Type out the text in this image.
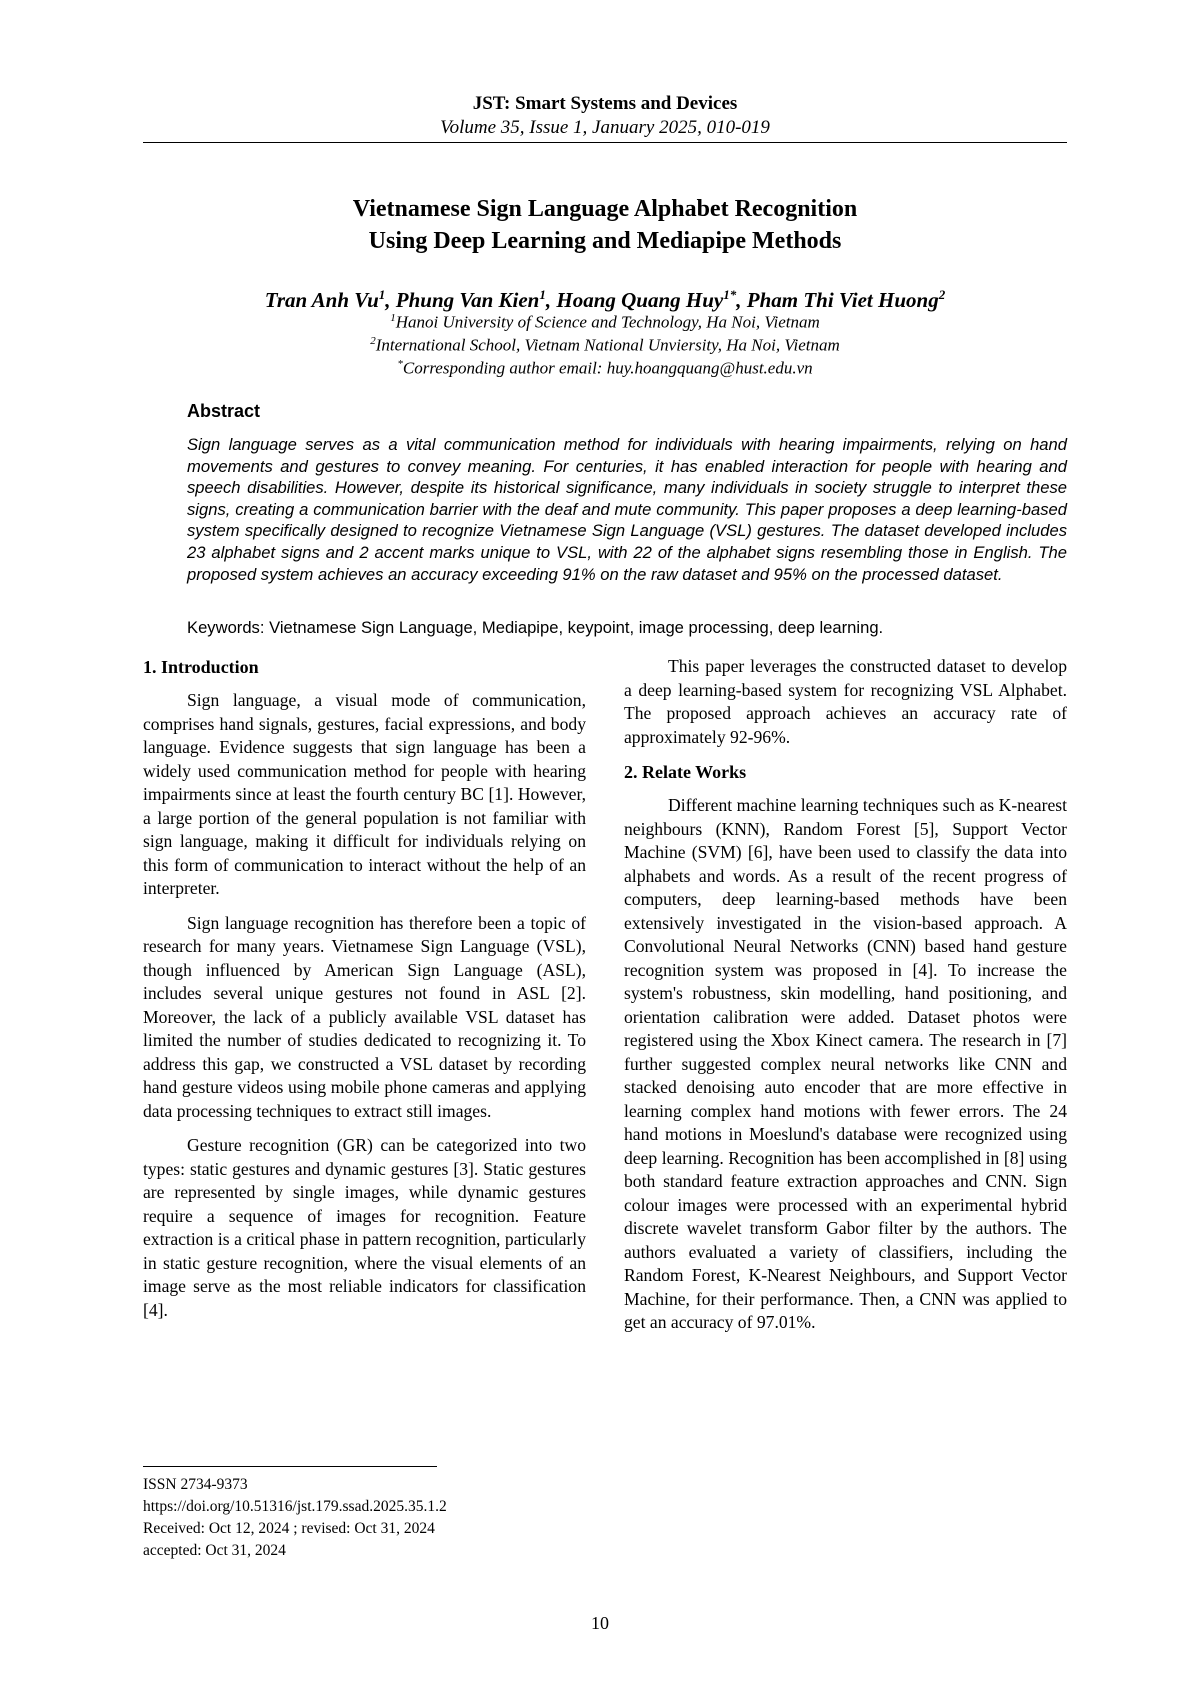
JST: Smart Systems and Devices
Volume 35, Issue 1, January 2025, 010-019
Vietnamese Sign Language Alphabet Recognition
Using Deep Learning and Mediapipe Methods
Tran Anh Vu$^1$, Phung Van Kien$^1$, Hoang Quang Huy$^{1*}$, Pham Thi Viet Huong$^2$
$^1$Hanoi University of Science and Technology, Ha Noi, Vietnam
$^2$International School, Vietnam National Unviersity, Ha Noi, Vietnam
*Corresponding author email: huy.hoangquang@hust.edu.vn
Abstract
Sign language serves as a vital communication method for individuals with hearing impairments, relying on hand movements and gestures to convey meaning. For centuries, it has enabled interaction for people with hearing and speech disabilities. However, despite its historical significance, many individuals in society struggle to interpret these signs, creating a communication barrier with the deaf and mute community. This paper proposes a deep learning-based system specifically designed to recognize Vietnamese Sign Language (VSL) gestures. The dataset developed includes 23 alphabet signs and 2 accent marks unique to VSL, with 22 of the alphabet signs resembling those in English. The proposed system achieves an accuracy exceeding 91% on the raw dataset and 95% on the processed dataset.
Keywords: Vietnamese Sign Language, Mediapipe, keypoint, image processing, deep learning.
1. Introduction

Sign language, a visual mode of communication, comprises hand signals, gestures, facial expressions, and body language. Evidence suggests that sign language has been a widely used communication method for people with hearing impairments since at least the fourth century BC [1]. However, a large portion of the general population is not familiar with sign language, making it difficult for individuals relying on this form of communication to interact without the help of an interpreter.

Sign language recognition has therefore been a topic of research for many years. Vietnamese Sign Language (VSL), though influenced by American Sign Language (ASL), includes several unique gestures not found in ASL [2]. Moreover, the lack of a publicly available VSL dataset has limited the number of studies dedicated to recognizing it. To address this gap, we constructed a VSL dataset by recording hand gesture videos using mobile phone cameras and applying data processing techniques to extract still images.

Gesture recognition (GR) can be categorized into two types: static gestures and dynamic gestures [3]. Static gestures are represented by single images, while dynamic gestures require a sequence of images for recognition. Feature extraction is a critical phase in pattern recognition, particularly in static gesture recognition, where the visual elements of an image serve as the most reliable indicators for classification [4].

This paper leverages the constructed dataset to develop a deep learning-based system for recognizing VSL Alphabet. The proposed approach achieves an accuracy rate of approximately 92-96%.

2. Relate Works

Different machine learning techniques such as K-nearest neighbours (KNN), Random Forest [5], Support Vector Machine (SVM) [6], have been used to classify the data into alphabets and words. As a result of the recent progress of computers, deep learning-based methods have been extensively investigated in the vision-based approach. A Convolutional Neural Networks (CNN) based hand gesture recognition system was proposed in [4]. To increase the system's robustness, skin modelling, hand positioning, and orientation calibration were added. Dataset photos were registered using the Xbox Kinect camera. The research in [7] further suggested complex neural networks like CNN and stacked denoising auto encoder that are more effective in learning complex hand motions with fewer errors. The 24 hand motions in Moeslund's database were recognized using deep learning. Recognition has been accomplished in [8] using both standard feature extraction approaches and CNN. Sign colour images were processed with an experimental hybrid discrete wavelet transform Gabor filter by the authors. The authors evaluated a variety of classifiers, including the Random Forest, K-Nearest Neighbours, and Support Vector Machine, for their performance. Then, a CNN was applied to get an accuracy of 97.01%.

ISSN 2734-9373
https://doi.org/10.51316/jst.179.ssad.2025.35.1.2
Received: Oct 12, 2024 ; revised: Oct 31, 2024
accepted: Oct 31, 2024
10
